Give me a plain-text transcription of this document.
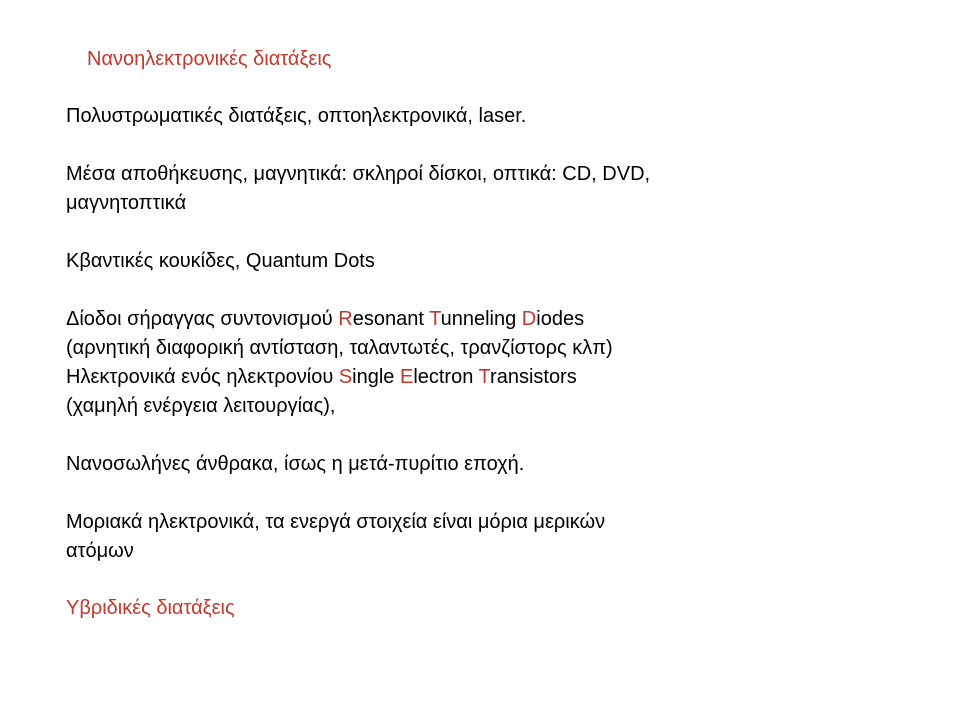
Νανοηλεκτρονικές διατάξεις
Πολυστρωματικές διατάξεις, οπτοηλεκτρονικά, laser.
Μέσα αποθήκευσης, μαγνητικά: σκληροί δίσκοι, οπτικά: CD, DVD,
μαγνητοπτικά
Κβαντικές κουκίδες, Quantum Dots
Δίοδοι σήραγγας συντονισμού Resonant Tunneling Diodes
(αρνητική διαφορική αντίσταση, ταλαντωτές, τρανζίστορς κλπ)
Ηλεκτρονικά ενός ηλεκτρονίου Single Electron Transistors
(χαμηλή ενέργεια λειτουργίας),
Νανοσωλήνες άνθρακα, ίσως η μετά-πυρίτιο εποχή.
Μοριακά ηλεκτρονικά, τα ενεργά στοιχεία είναι μόρια μερικών
ατόμων
Υβριδικές διατάξεις
